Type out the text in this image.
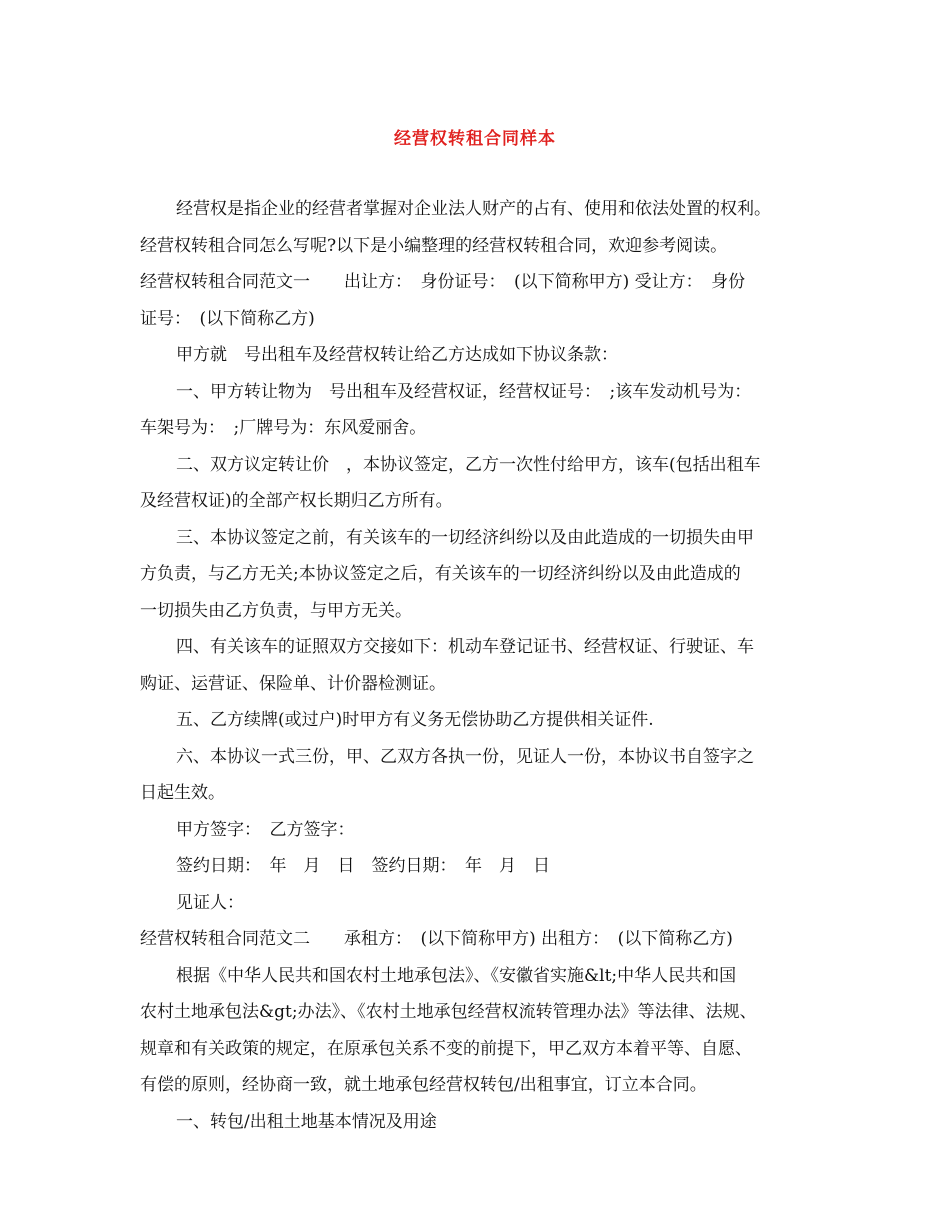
经营权转租合同样本
经营权是指企业的经营者掌握对企业法人财产的占有、使用和依法处置的权利。
经营权转租合同怎么写呢?以下是小编整理的经营权转租合同，欢迎参考阅读。
经营权转租合同范文一　　出让方：　身份证号：　(以下简称甲方) 受让方：　身份
证号：　(以下简称乙方)
甲方就　号出租车及经营权转让给乙方达成如下协议条款：
一、甲方转让物为　号出租车及经营权证，经营权证号：　;该车发动机号为：
车架号为：　;厂牌号为：东风爱丽舍。
二、双方议定转让价　，本协议签定，乙方一次性付给甲方，该车(包括出租车
及经营权证)的全部产权长期归乙方所有。
三、本协议签定之前，有关该车的一切经济纠纷以及由此造成的一切损失由甲
方负责，与乙方无关;本协议签定之后，有关该车的一切经济纠纷以及由此造成的
一切损失由乙方负责，与甲方无关。
四、有关该车的证照双方交接如下：机动车登记证书、经营权证、行驶证、车
购证、运营证、保险单、计价器检测证。
五、乙方续牌(或过户)时甲方有义务无偿协助乙方提供相关证件.
六、本协议一式三份，甲、乙双方各执一份，见证人一份，本协议书自签字之
日起生效。
甲方签字：　乙方签字：
签约日期：　年　月　日　签约日期：　年　月　日
见证人：
经营权转租合同范文二　　承租方：　(以下简称甲方) 出租方：　(以下简称乙方)
根据《中华人民共和国农村土地承包法》、《安徽省实施&lt;中华人民共和国
农村土地承包法&gt;办法》、《农村土地承包经营权流转管理办法》等法律、法规、
规章和有关政策的规定，在原承包关系不变的前提下，甲乙双方本着平等、自愿、
有偿的原则，经协商一致，就土地承包经营权转包/出租事宜，订立本合同。
一、转包/出租土地基本情况及用途
